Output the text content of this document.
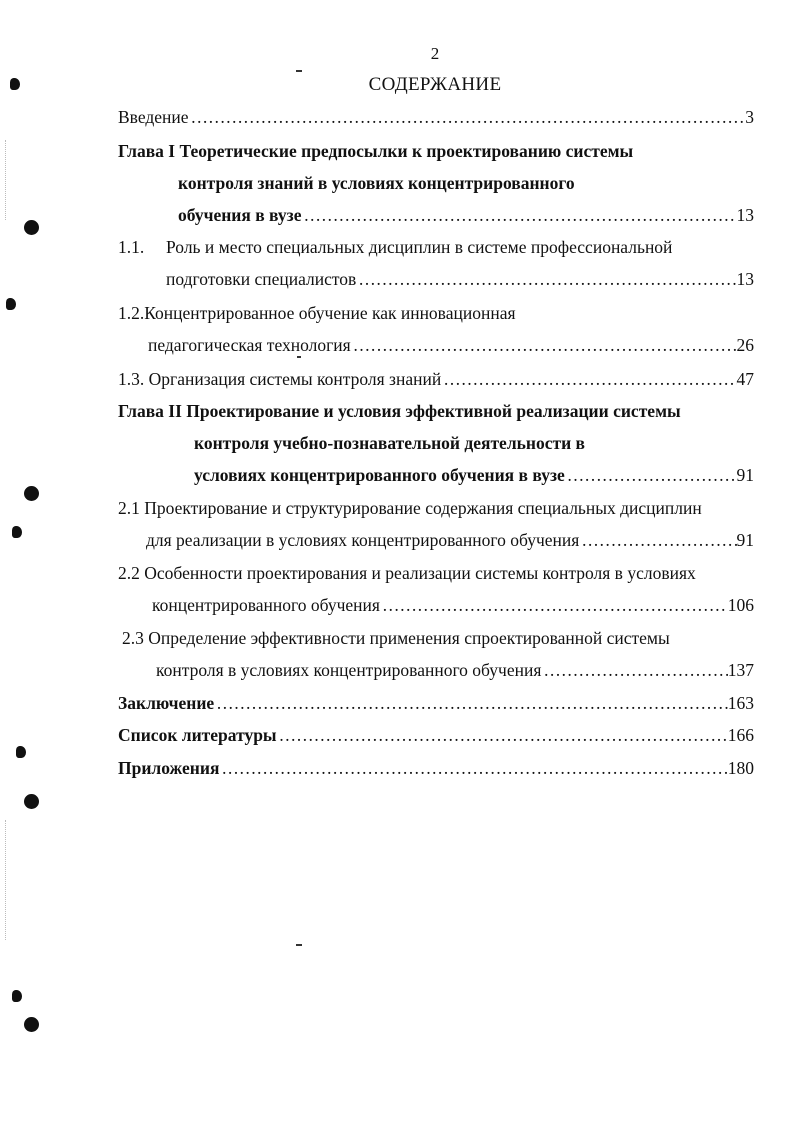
2
СОДЕРЖАНИЕ
Введение ……………………………………………………………………………………………………………………………………………………………	3
Глава I Теоретические предпосылки к проектированию системы
контроля знаний в условиях концентрированного
обучения в вузе ……………………………………………………………………………………………………………………………………………………………	13
1.1. Роль и место специальных дисциплин в системе профессиональной
подготовки специалистов ……………………………………………………………………………………………………………………………………………………………	13
1.2.Концентрированное обучение как инновационная
педагогическая технология ……………………………………………………………………………………………………………………………………………………………	26
1.3. Организация системы контроля знаний ……………………………………………………………………………………………………………………………………………………………	47
Глава II Проектирование и условия эффективной реализации системы
контроля учебно-познавательной деятельности в
условиях концентрированного обучения в вузе ……………………………………………………………………………………………………………………………………………………………	91
2.1 Проектирование и структурирование содержания специальных дисциплин
для реализации в условиях концентрированного обучения ……………………………………………………………………………………………………………………………………………………………	91
2.2 Особенности проектирования и реализации системы контроля в условиях
концентрированного обучения ……………………………………………………………………………………………………………………………………………………………	106
2.3 Определение эффективности применения спроектированной системы
контроля в условиях концентрированного обучения ……………………………………………………………………………………………………………………………………………………………	137
Заключение ……………………………………………………………………………………………………………………………………………………………	163
Список литературы ……………………………………………………………………………………………………………………………………………………………	166
Приложения ……………………………………………………………………………………………………………………………………………………………	180
